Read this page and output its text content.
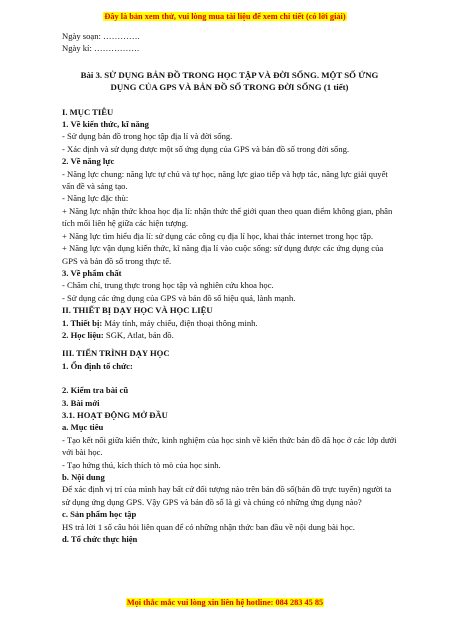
Đây là bản xem thử, vui lòng mua tài liệu để xem chi tiết (có lời giải)

Ngày soạn: ………….

Ngày kí: …………….

Bài 3. SỬ DỤNG BẢN ĐỒ TRONG HỌC TẬP VÀ ĐỜI SỐNG. MỘT SỐ ỨNG
DỤNG CỦA GPS VÀ BẢN ĐỒ SỐ TRONG ĐỜI SỐNG (1 tiết)

I. MỤC TIÊU

1. Về kiến thức, kĩ năng

- Sử dụng bản đồ trong học tập địa lí và đời sống.

- Xác định và sử dụng được một số ứng dụng của GPS và bản đồ số trong đời sống.

2. Về năng lực

- Năng lực chung: năng lực tự chủ và tự học, năng lực giao tiếp và hợp tác, năng lực giải quyết vấn đề và sáng tạo.

- Năng lực đặc thù:

+ Năng lực nhận thức khoa học địa lí: nhận thức thế giới quan theo quan điểm không gian, phân tích mối liên hệ giữa các hiện tượng.

+ Năng lực tìm hiểu địa lí: sử dụng các công cụ địa lí học, khai thác internet trong học tập.

+ Năng lực vận dụng kiến thức, kĩ năng địa lí vào cuộc sống: sử dụng được các ứng dụng của GPS và bản đồ số trong thực tế.

3. Về phẩm chất

- Chăm chỉ, trung thực trong học tập và nghiên cứu khoa học.

- Sử dụng các ứng dụng của GPS và bản đồ số hiệu quả, lành mạnh.

II. THIẾT BỊ DẠY HỌC VÀ HỌC LIỆU

1. Thiết bị: Máy tính, máy chiếu, điện thoại thông minh.

2. Học liệu: SGK, Atlat, bản đồ.

III. TIẾN TRÌNH DẠY HỌC

1. Ổn định tổ chức:

2. Kiểm tra bài cũ

3. Bài mới

3.1. HOẠT ĐỘNG MỞ ĐẦU

a. Mục tiêu

- Tạo kết nối giữa kiến thức, kinh nghiệm của học sinh về kiến thức bản đồ đã học ở các lớp dưới với bài học.

- Tạo hứng thú, kích thích tò mò của học sinh.

b. Nội dung

Để xác định vị trí của mình hay bất cứ đối tượng nào trên bản đồ số(bản đồ trực tuyến) người ta sử dụng ứng dụng GPS. Vậy GPS và bản đồ số là gì và chúng có những ứng dụng nào?

c. Sản phẩm học tập

HS trả lời 1 số câu hỏi liên quan để có những nhận thức ban đầu về nội dung bài học.

d. Tổ chức thực hiện

Mọi thắc mắc vui lòng xin liên hệ hotline: 084 283 45 85
